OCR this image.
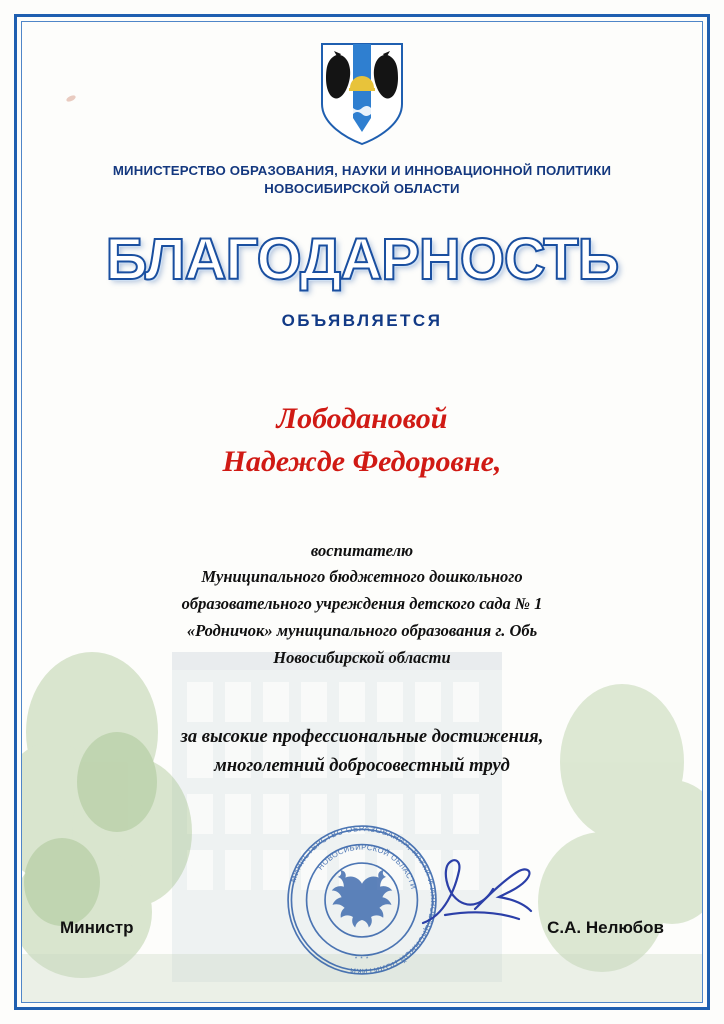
МИНИСТЕРСТВО ОБРАЗОВАНИЯ, НАУКИ И ИННОВАЦИОННОЙ ПОЛИТИКИ
НОВОСИБИРСКОЙ ОБЛАСТИ
БЛАГОДАРНОСТЬ
ОБЪЯВЛЯЕТСЯ
Лободановой
Надежде Федоровне,
воспитателю
Муниципального бюджетного дошкольного
образовательного учреждения детского сада № 1
«Родничок» муниципального образования г. Обь
Новосибирской области
за высокие профессиональные достижения,
многолетний добросовестный труд
МИНИСТЕРСТВО ОБРАЗОВАНИЯ, НАУКИ И ИННОВАЦИОННОЙ ПОЛИТИКИ
НОВОСИБИРСКОЙ ОБЛАСТИ
* * *
Министр	С.А. Нелюбов
